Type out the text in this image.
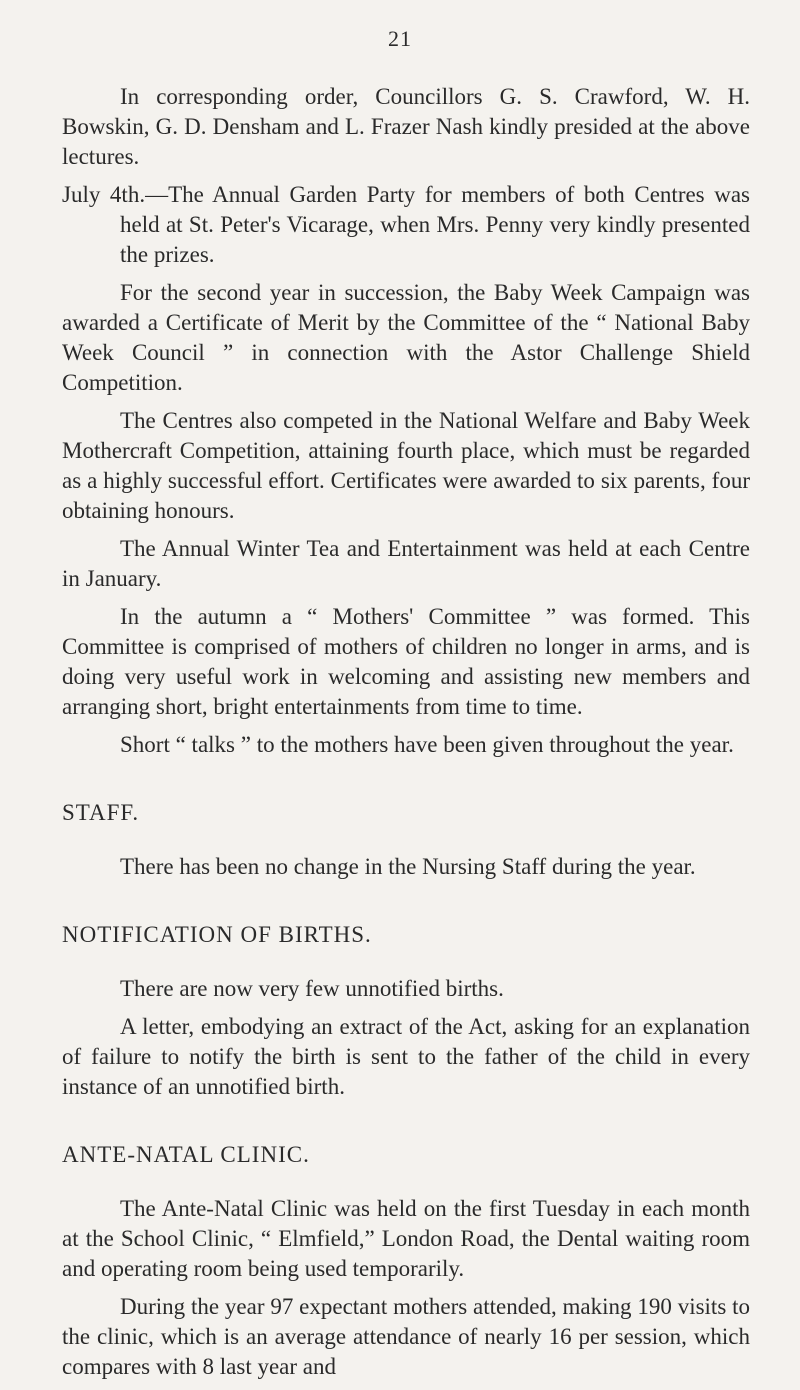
21

In corresponding order, Councillors G. S. Crawford, W. H. Bowskin, G. D. Densham and L. Frazer Nash kindly presided at the above lectures.

July 4th.—The Annual Garden Party for members of both Centres was held at St. Peter's Vicarage, when Mrs. Penny very kindly presented the prizes.

For the second year in succession, the Baby Week Campaign was awarded a Certificate of Merit by the Committee of the “ National Baby Week Council ” in connection with the Astor Challenge Shield Competition.

The Centres also competed in the National Welfare and Baby Week Mothercraft Competition, attaining fourth place, which must be regarded as a highly successful effort. Certificates were awarded to six parents, four obtaining honours.

The Annual Winter Tea and Entertainment was held at each Centre in January.

In the autumn a “ Mothers' Committee ” was formed. This Committee is comprised of mothers of children no longer in arms, and is doing very useful work in welcoming and assisting new members and arranging short, bright entertainments from time to time.

Short “ talks ” to the mothers have been given throughout the year.

STAFF.

There has been no change in the Nursing Staff during the year.

NOTIFICATION OF BIRTHS.

There are now very few unnotified births.

A letter, embodying an extract of the Act, asking for an explanation of failure to notify the birth is sent to the father of the child in every instance of an unnotified birth.

ANTE-NATAL CLINIC.

The Ante-Natal Clinic was held on the first Tuesday in each month at the School Clinic, “ Elmfield,” London Road, the Dental waiting room and operating room being used temporarily.

During the year 97 expectant mothers attended, making 190 visits to the clinic, which is an average attendance of nearly 16 per session, which compares with 8 last year and
